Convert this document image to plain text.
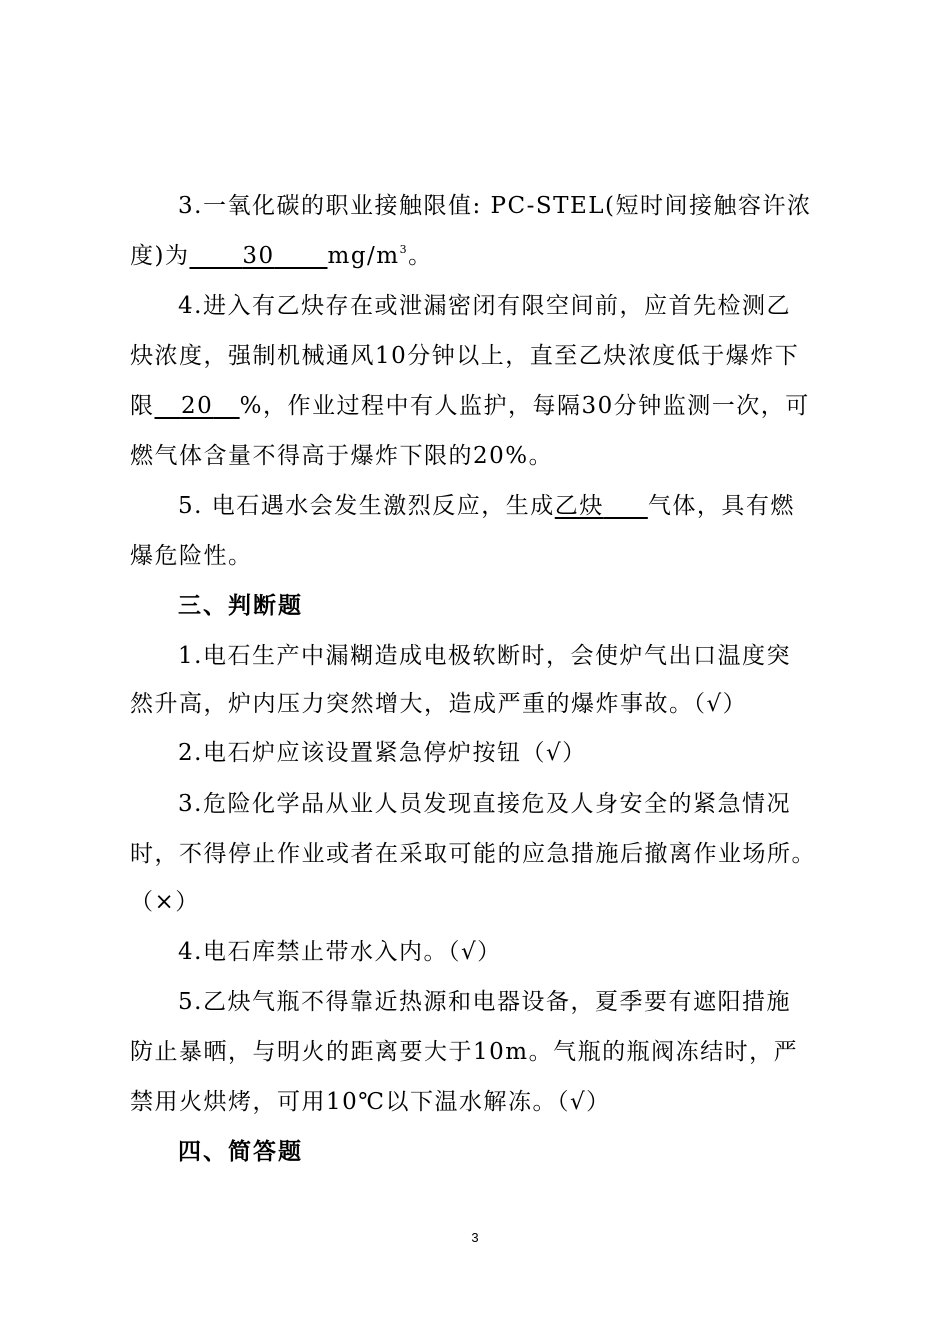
3.一氧化碳的职业接触限值: PC-STEL(短时间接触容许浓
度)为 30 $mg/m^3$。
4.进入有乙炔存在或泄漏密闭有限空间前，应首先检测乙
炔浓度，强制机械通风10分钟以上，直至乙炔浓度低于爆炸下
限 20 %，作业过程中有人监护，每隔30分钟监测一次，可
燃气体含量不得高于爆炸下限的20%。
5. 电石遇水会发生激烈反应，生成乙炔 气体，具有燃
爆危险性。
三、判断题
1.电石生产中漏糊造成电极软断时，会使炉气出口温度突
然升高，炉内压力突然增大，造成严重的爆炸事故。（√）
2.电石炉应该设置紧急停炉按钮（√）
3.危险化学品从业人员发现直接危及人身安全的紧急情况
时，不得停止作业或者在采取可能的应急措施后撤离作业场所。
（×）
4.电石库禁止带水入内。（√）
5.乙炔气瓶不得靠近热源和电器设备，夏季要有遮阳措施
防止暴晒，与明火的距离要大于10m。气瓶的瓶阀冻结时，严
禁用火烘烤，可用10℃以下温水解冻。（√）
四、简答题
3
